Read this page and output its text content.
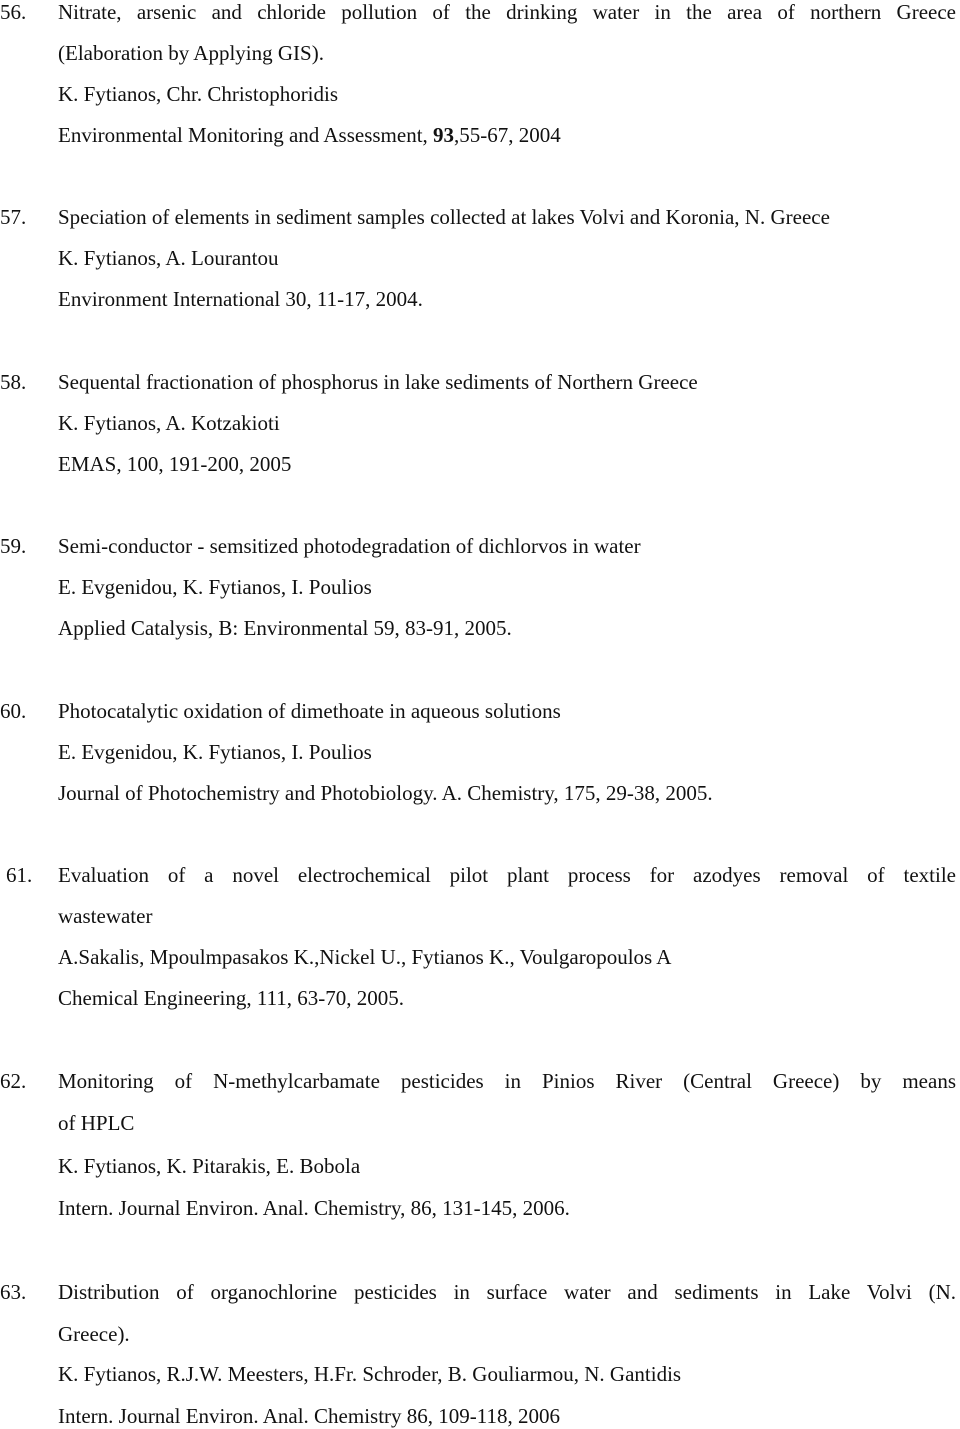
56.	Nitrate, arsenic and chloride pollution of the drinking water in the area of northern Greece
(Elaboration by Applying GIS).
K. Fytianos, Chr. Christophoridis
Environmental Monitoring and Assessment, 93,55-67, 2004
57.	Speciation of elements in sediment samples collected at lakes Volvi and Koronia, N. Greece
K. Fytianos, A. Lourantou
Environment International 30, 11-17, 2004.
58.	Sequental fractionation of phosphorus in lake sediments of Northern Greece
K. Fytianos, A. Kotzakioti
EMAS, 100, 191-200, 2005
59.	Semi-conductor - semsitized photodegradation of dichlorvos in water
E. Evgenidou, K. Fytianos, I. Poulios
Applied Catalysis, B: Environmental 59, 83-91, 2005.
60.	Photocatalytic oxidation of dimethoate in aqueous solutions
E. Evgenidou, K. Fytianos, I. Poulios
Journal of Photochemistry and Photobiology. A. Chemistry, 175, 29-38, 2005.
61.	Evaluation of a novel electrochemical pilot plant process for azodyes removal of textile
wastewater
A.Sakalis, Mpoulmpasakos K.,Nickel U., Fytianos K., Voulgaropoulos A
Chemical Engineering, 111, 63-70, 2005.
62.	Monitoring of N-methylcarbamate pesticides in Pinios River (Central Greece) by means
of HPLC
K. Fytianos, K. Pitarakis, E. Bobola
Intern. Journal Environ. Anal. Chemistry, 86, 131-145, 2006.
63.	Distribution of organochlorine pesticides in surface water and sediments in Lake Volvi (N.
Greece).
K. Fytianos, R.J.W. Meesters, H.Fr. Schroder, B. Gouliarmou, N. Gantidis
Intern. Journal Environ. Anal. Chemistry 86, 109-118, 2006
